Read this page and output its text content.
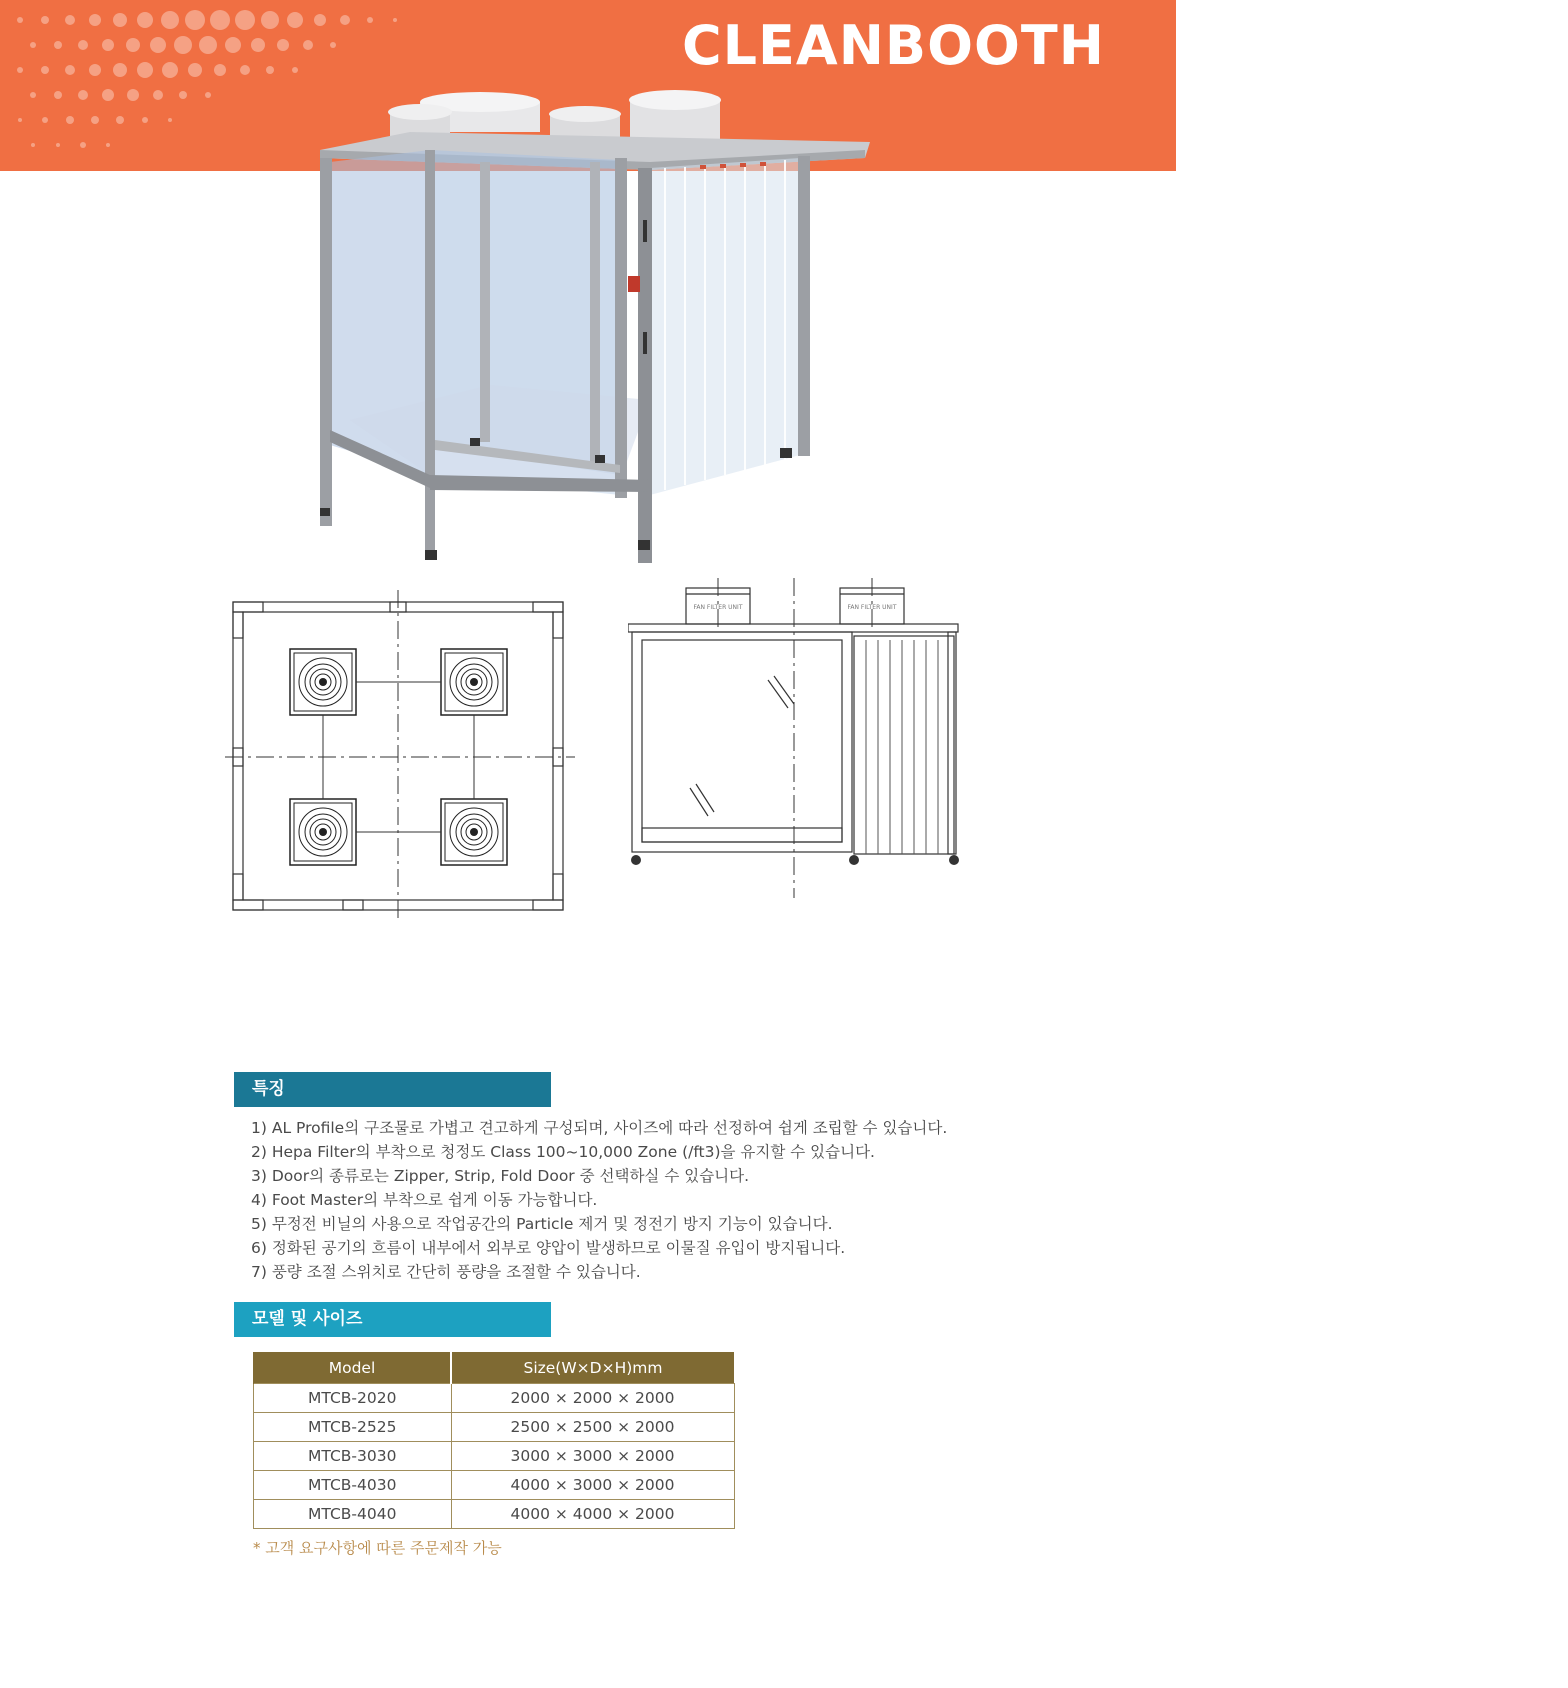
CLEANBOOTH
FAN FILTER UNIT	FAN FILTER UNIT
특징
1) AL Profile의 구조물로 가볍고 견고하게 구성되며, 사이즈에 따라 선정하여 쉽게 조립할 수 있습니다.
2) Hepa Filter의 부착으로 청정도 Class 100~10,000 Zone (/ft3)을 유지할 수 있습니다.
3) Door의 종류로는 Zipper, Strip, Fold Door 중 선택하실 수 있습니다.
4) Foot Master의 부착으로 쉽게 이동 가능합니다.
5) 무정전 비닐의 사용으로 작업공간의 Particle 제거 및 정전기 방지 기능이 있습니다.
6) 정화된 공기의 흐름이 내부에서 외부로 양압이 발생하므로 이물질 유입이 방지됩니다.
7) 풍량 조절 스위치로 간단히 풍량을 조절할 수 있습니다.
모델 및 사이즈
Model	Size(W×D×H)mm
MTCB-2020	2000 × 2000 × 2000
MTCB-2525	2500 × 2500 × 2000
MTCB-3030	3000 × 3000 × 2000
MTCB-4030	4000 × 3000 × 2000
MTCB-4040	4000 × 4000 × 2000
* 고객 요구사항에 따른 주문제작 가능
